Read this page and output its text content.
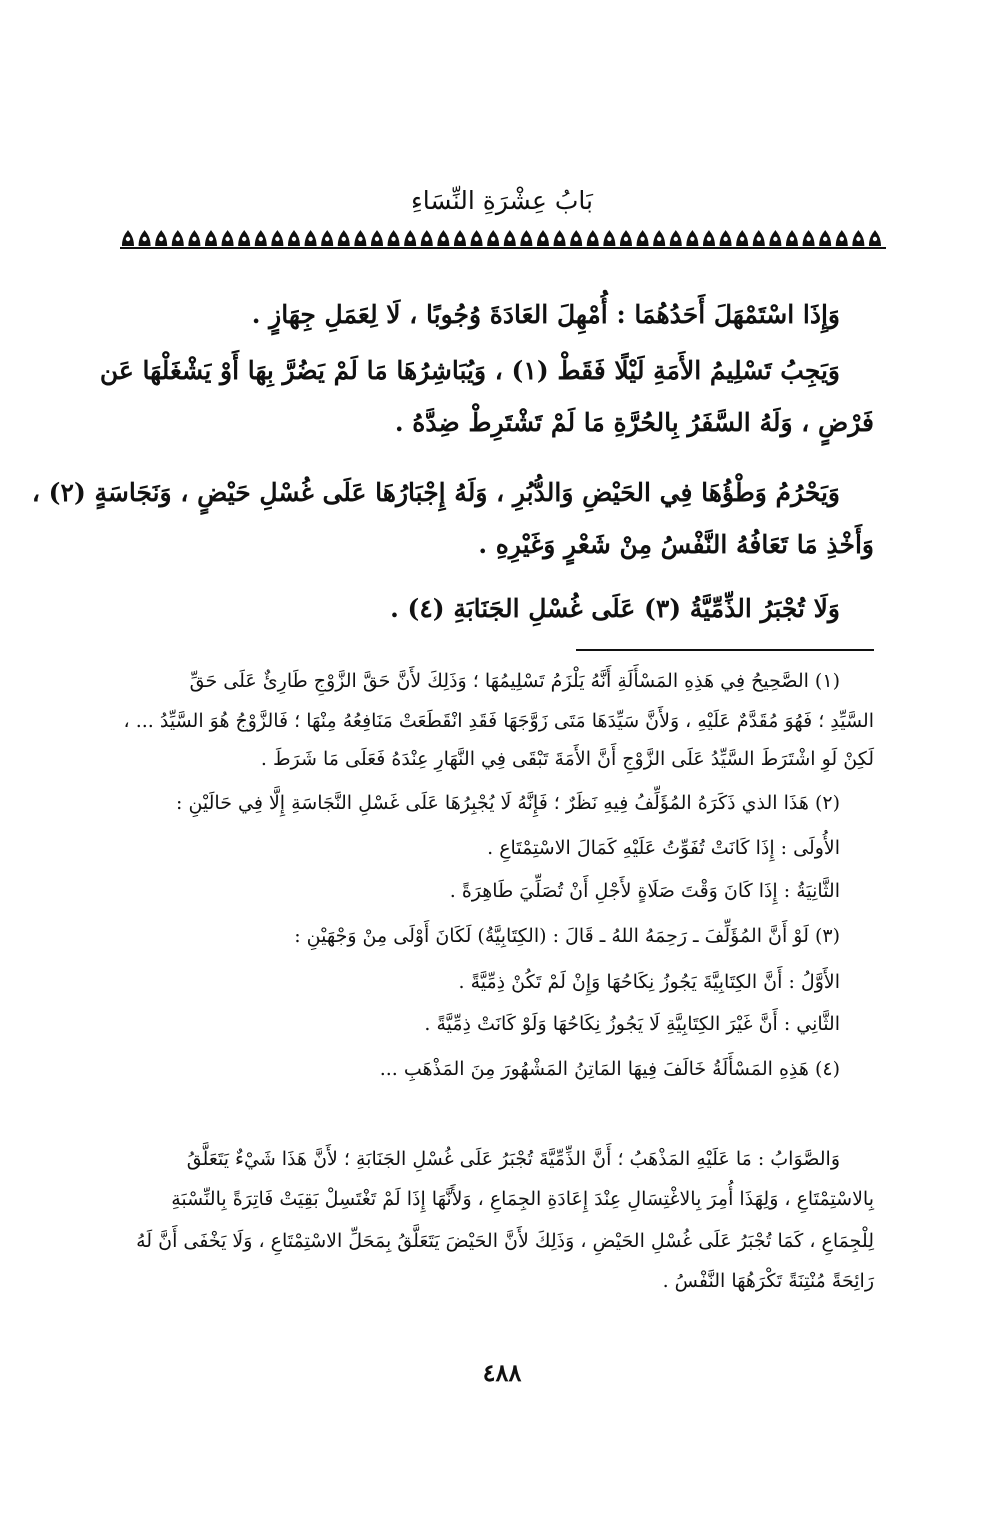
بَابُ عِشْرَةِ النِّسَاءِ
وَإِذَا اسْتَمْهَلَ أَحَدُهُمَا : أُمْهِلَ العَادَةَ وُجُوبًا ، لَا لِعَمَلِ جِهَازٍ .
وَيَجِبُ تَسْلِيمُ الأَمَةِ لَيْلًا فَقَطْ (١) ، وَيُبَاشِرُهَا مَا لَمْ يَضُرَّ بِهَا أَوْ يَشْغَلْهَا عَن
فَرْضٍ ، وَلَهُ السَّفَرُ بِالحُرَّةِ مَا لَمْ تَشْتَرِطْ ضِدَّهُ .
وَيَحْرُمُ وَطْؤُهَا فِي الحَيْضِ وَالدُّبُرِ ، وَلَهُ إِجْبَارُهَا عَلَى غُسْلِ حَيْضٍ ، وَنَجَاسَةٍ (٢) ،
وَأَخْذِ مَا تَعَافُهُ النَّفْسُ مِنْ شَعْرٍ وَغَيْرِهِ .
وَلَا تُجْبَرُ الذِّمِّيَّةُ (٣) عَلَى غُسْلِ الجَنَابَةِ (٤) .
(١) الصَّحِيحُ فِي هَذِهِ المَسْأَلَةِ أَنَّهُ يَلْزَمُ تَسْلِيمُهَا ؛ وَذَلِكَ لأَنَّ حَقَّ الزَّوْجِ طَارِئٌ عَلَى حَقِّ
السَّيِّدِ ؛ فَهُوَ مُقَدَّمٌ عَلَيْهِ ، وَلأَنَّ سَيِّدَهَا مَتَى زَوَّجَهَا فَقَدِ انْقَطَعَتْ مَنَافِعُهُ مِنْهَا ؛ فَالزَّوْجُ هُوَ السَّيِّدُ ... ،
لَكِنْ لَوِ اشْتَرَطَ السَّيِّدُ عَلَى الزَّوْجِ أَنَّ الأَمَةَ تَبْقَى فِي النَّهَارِ عِنْدَهُ فَعَلَى مَا شَرَطَ .
(٢) هَذَا الذي ذَكَرَهُ المُؤَلِّفُ فِيهِ نَظَرٌ ؛ فَإِنَّهُ لَا يُجْبِرُهَا عَلَى غَسْلِ النَّجَاسَةِ إِلَّا فِي حَالَيْنِ :
الأُولَى : إِذَا كَانَتْ تُفَوِّتُ عَلَيْهِ كَمَالَ الاسْتِمْتَاعِ .
الثَّانِيَةُ : إِذَا كَانَ وَقْتَ صَلَاةٍ لأَجْلِ أَنْ تُصَلِّيَ طَاهِرَةً .
(٣) لَوْ أَنَّ المُؤَلِّفَ ـ رَحِمَهُ اللهُ ـ قَالَ : (الكِتَابِيَّةُ) لَكَانَ أَوْلَى مِنْ وَجْهَيْنِ :
الأَوَّلُ : أَنَّ الكِتَابِيَّةَ يَجُوزُ نِكَاحُهَا وَإِنْ لَمْ تَكُنْ ذِمِّيَّةً .
الثَّانِي : أَنَّ غَيْرَ الكِتَابِيَّةِ لَا يَجُوزُ نِكَاحُهَا وَلَوْ كَانَتْ ذِمِّيَّةً .
(٤) هَذِهِ المَسْأَلَةُ خَالَفَ فِيهَا المَاتِنُ المَشْهُورَ مِنَ المَذْهَبِ ...
وَالصَّوَابُ : مَا عَلَيْهِ المَذْهَبُ ؛ أَنَّ الذِّمِّيَّةَ تُجْبَرُ عَلَى غُسْلِ الجَنَابَةِ ؛ لأَنَّ هَذَا شَيْءٌ يَتَعَلَّقُ
بِالاسْتِمْتَاعِ ، وَلِهَذَا أُمِرَ بِالاغْتِسَالِ عِنْدَ إِعَادَةِ الجِمَاعِ ، وَلأَنَّهَا إِذَا لَمْ تَغْتَسِلْ بَقِيَتْ فَاتِرَةً بِالنِّسْبَةِ
لِلْجِمَاعِ ، كَمَا تُجْبَرُ عَلَى غُسْلِ الحَيْضِ ، وَذَلِكَ لأَنَّ الحَيْضَ يَتَعَلَّقُ بِمَحَلِّ الاسْتِمْتَاعِ ، وَلَا يَخْفَى أَنَّ لَهُ
رَائِحَةً مُنْتِنَةً تَكْرَهُهَا النَّفْسُ .
٤٨٨
